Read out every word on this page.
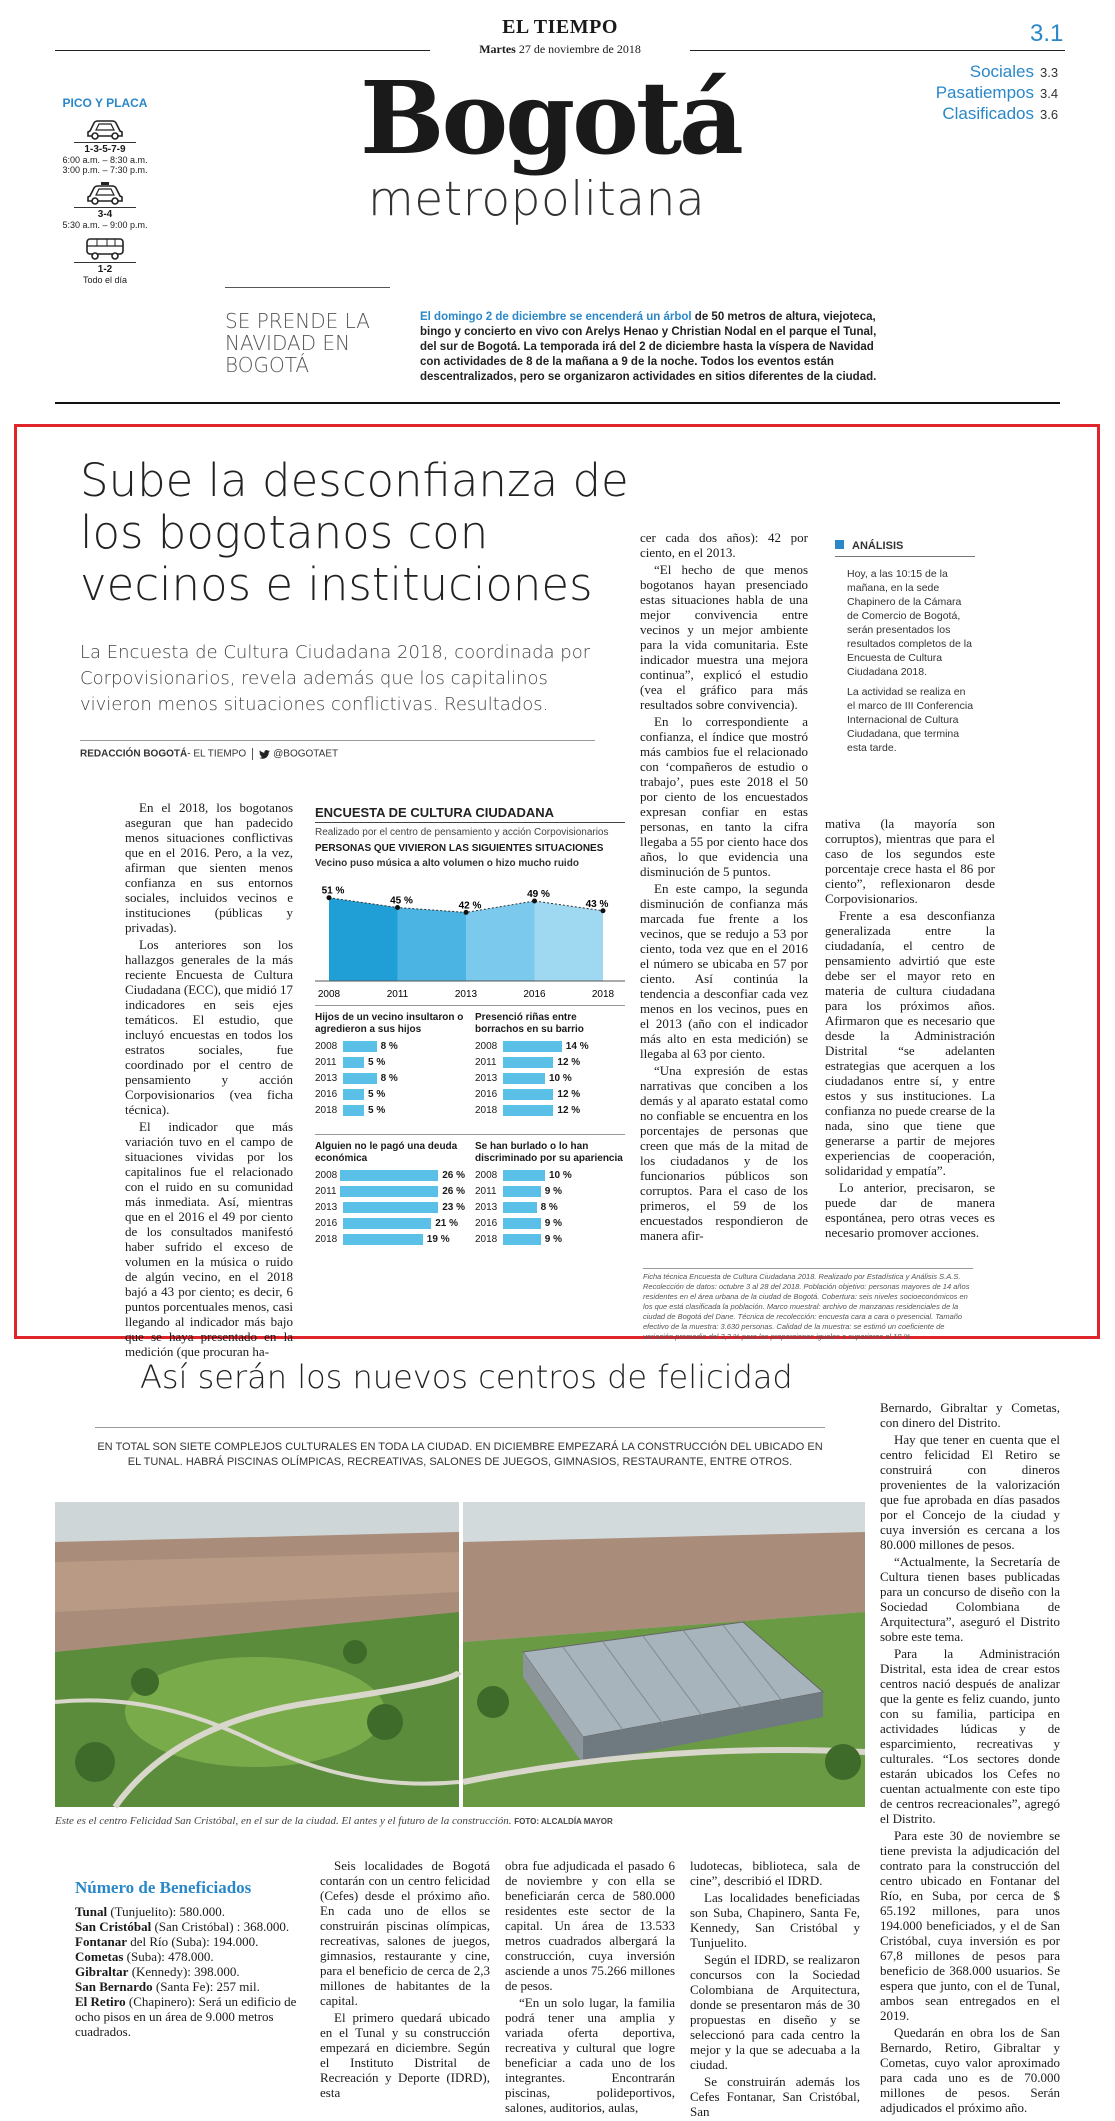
EL TIEMPO
Martes 27 de noviembre de 2018
3.1
Sociales 3.3
Pasatiempos 3.4
Clasificados 3.6
Bogotá
metropolitana
PICO Y PLACA
1-3-5-7-9
6:00 a.m. – 8:30 a.m.
3:00 p.m. – 7:30 p.m.
3-4
5:30 a.m. – 9:00 p.m.
1-2
Todo el día
SE PRENDE LA NAVIDAD EN BOGOTÁ
El domingo 2 de diciembre se encenderá un árbol de 50 metros de altura, viejoteca, bingo y concierto en vivo con Arelys Henao y Christian Nodal en el parque el Tunal, del sur de Bogotá. La temporada irá del 2 de diciembre hasta la víspera de Navidad con actividades de 8 de la mañana a 9 de la noche. Todos los eventos están descentralizados, pero se organizaron actividades en sitios diferentes de la ciudad.
Sube la desconfianza de los bogotanos con vecinos e instituciones
La Encuesta de Cultura Ciudadana 2018, coordinada por Corpovisionarios, revela además que los capitalinos vivieron menos situaciones conflictivas. Resultados.
REDACCIÓN BOGOTÁ- EL TIEMPO	@BOGOTAET

En el 2018, los bogotanos aseguran que han padecido menos situaciones conflictivas que en el 2016. Pero, a la vez, afirman que sienten menos confianza en sus entornos sociales, incluidos vecinos e instituciones (públicas y privadas).

Los anteriores son los hallazgos generales de la más reciente Encuesta de Cultura Ciudadana (ECC), que midió 17 indicadores en seis ejes temáticos. El estudio, que incluyó encuestas en todos los estratos sociales, fue coordinado por el centro de pensamiento y acción Corpovisionarios (vea ficha técnica).

El indicador que más variación tuvo en el campo de situaciones vividas por los capitalinos fue el relacionado con el ruido en su comunidad más inmediata. Así, mientras que en el 2016 el 49 por ciento de los consultados manifestó haber sufrido el exceso de volumen en la música o ruido de algún vecino, en el 2018 bajó a 43 por ciento; es decir, 6 puntos porcentuales menos, casi llegando al indicador más bajo que se haya presentado en la medición (que procuran ha-

ENCUESTA DE CULTURA CIUDADANA
Realizado por el centro de pensamiento y acción Corpovisionarios
PERSONAS QUE VIVIERON LAS SIGUIENTES SITUACIONES
Vecino puso música a alto volumen o hizo mucho ruido
51 %
2008
45 %
2011
42 %
2013
49 %
2016
43 %
2018
Hijos de un vecino insultaron o agredieron a sus hijos
2008	8 %
2011	5 %
2013	8 %
2016	5 %
2018	5 %
Presenció riñas entre borrachos en su barrio
2008	14 %
2011	12 %
2013	10 %
2016	12 %
2018	12 %
Alguien no le pagó una deuda económica
2008	26 %
2011	26 %
2013	23 %
2016	21 %
2018	19 %
Se han burlado o lo han discriminado por su apariencia
2008	10 %
2011	9 %
2013	8 %
2016	9 %
2018	9 %

cer cada dos años): 42 por ciento, en el 2013.

“El hecho de que menos bogotanos hayan presenciado estas situaciones habla de una mejor convivencia entre vecinos y un mejor ambiente para la vida comunitaria. Este indicador muestra una mejora continua”, explicó el estudio (vea el gráfico para más resultados sobre convivencia).

En lo correspondiente a confianza, el índice que mostró más cambios fue el relacionado con ‘compañeros de estudio o trabajo’, pues este 2018 el 50 por ciento de los encuestados expresan confiar en estas personas, en tanto la cifra llegaba a 55 por ciento hace dos años, lo que evidencia una disminución de 5 puntos.

En este campo, la segunda disminución de confianza más marcada fue frente a los vecinos, que se redujo a 53 por ciento, toda vez que en el 2016 el número se ubicaba en 57 por ciento. Así continúa la tendencia a desconfiar cada vez menos en los vecinos, pues en el 2013 (año con el indicador más alto en esta medición) se llegaba al 63 por ciento.

“Una expresión de estas narrativas que conciben a los demás y al aparato estatal como no confiable se encuentra en los porcentajes de personas que creen que más de la mitad de los ciudadanos y de los funcionarios públicos son corruptos. Para el caso de los primeros, el 59 de los encuestados respondieron de manera afir-

ANÁLISIS

Hoy, a las 10:15 de la mañana, en la sede Chapinero de la Cámara de Comercio de Bogotá, serán presentados los resultados completos de la Encuesta de Cultura Ciudadana 2018.

La actividad se realiza en el marco de III Conferencia Internacional de Cultura Ciudadana, que termina esta tarde.

mativa (la mayoría son corruptos), mientras que para el caso de los segundos este porcentaje crece hasta el 86 por ciento”, reflexionaron desde Corpovisionarios.

Frente a esa desconfianza generalizada entre la ciudadanía, el centro de pensamiento advirtió que este debe ser el mayor reto en materia de cultura ciudadana para los próximos años. Afirmaron que es necesario que desde la Administración Distrital “se adelanten estrategias que acerquen a los ciudadanos entre sí, y entre estos y sus instituciones. La confianza no puede crearse de la nada, sino que tiene que generarse a partir de mejores experiencias de cooperación, solidaridad y empatía”.

Lo anterior, precisaron, se puede dar de manera espontánea, pero otras veces es necesario promover acciones.

Ficha técnica Encuesta de Cultura Ciudadana 2018. Realizado por Estadística y Análisis S.A.S. Recolección de datos: octubre 3 al 28 del 2018. Población objetivo: personas mayores de 14 años residentes en el área urbana de la ciudad de Bogotá. Cobertura: seis niveles socioeconómicos en los que está clasificada la población. Marco muestral: archivo de manzanas residenciales de la ciudad de Bogotá del Dane. Técnica de recolección: encuesta cara a cara o presencial. Tamaño efectivo de la muestra: 3.630 personas. Calidad de la muestra: se estimó un coeficiente de variación promedio del 3,3 % para las proporciones iguales o superiores al 10 %.
Así serán los nuevos centros de felicidad
EN TOTAL SON SIETE COMPLEJOS CULTURALES EN TODA LA CIUDAD. EN DICIEMBRE EMPEZARÁ LA CONSTRUCCIÓN DEL UBICADO EN EL TUNAL. HABRÁ PISCINAS OLÍMPICAS, RECREATIVAS, SALONES DE JUEGOS, GIMNASIOS, RESTAURANTE, ENTRE OTROS.
Este es el centro Felicidad San Cristóbal, en el sur de la ciudad. El antes y el futuro de la construcción. FOTO: ALCALDÍA MAYOR
Número de Beneficiados
Tunal (Tunjuelito): 580.000.
San Cristóbal (San Cristóbal) : 368.000.
Fontanar del Río (Suba): 194.000.
Cometas (Suba): 478.000.
Gibraltar (Kennedy): 398.000.
San Bernardo (Santa Fe): 257 mil.
El Retiro (Chapinero): Será un edificio de ocho pisos en un área de 9.000 metros cuadrados.

Seis localidades de Bogotá contarán con un centro felicidad (Cefes) desde el próximo año. En cada uno de ellos se construirán piscinas olímpicas, recreativas, salones de juegos, gimnasios, restaurante y cine, para el beneficio de cerca de 2,3 millones de habitantes de la capital.

El primero quedará ubicado en el Tunal y su construcción empezará en diciembre. Según el Instituto Distrital de Recreación y Deporte (IDRD), esta

obra fue adjudicada el pasado 6 de noviembre y con ella se beneficiarán cerca de 580.000 residentes este sector de la capital. Un área de 13.533 metros cuadrados albergará la construcción, cuya inversión asciende a unos 75.266 millones de pesos.

“En un solo lugar, la familia podrá tener una amplia y variada oferta deportiva, recreativa y cultural que logre beneficiar a cada uno de los integrantes. Encontrarán piscinas, polideportivos, salones, auditorios, aulas,

ludotecas, biblioteca, sala de cine”, describió el IDRD.

Las localidades beneficiadas son Suba, Chapinero, Santa Fe, Kennedy, San Cristóbal y Tunjuelito.

Según el IDRD, se realizaron concursos con la Sociedad Colombiana de Arquitectura, donde se presentaron más de 30 propuestas en diseño y se seleccionó para cada centro la mejor y la que se adecuaba a la ciudad.

Se construirán además los Cefes Fontanar, San Cristóbal, San

Bernardo, Gibraltar y Cometas, con dinero del Distrito.

Hay que tener en cuenta que el centro felicidad El Retiro se construirá con dineros provenientes de la valorización que fue aprobada en días pasados por el Concejo de la ciudad y cuya inversión es cercana a los 80.000 millones de pesos.

“Actualmente, la Secretaría de Cultura tienen bases publicadas para un concurso de diseño con la Sociedad Colombiana de Arquitectura”, aseguró el Distrito sobre este tema.

Para la Administración Distrital, esta idea de crear estos centros nació después de analizar que la gente es feliz cuando, junto con su familia, participa en actividades lúdicas y de esparcimiento, recreativas y culturales. “Los sectores donde estarán ubicados los Cefes no cuentan actualmente con este tipo de centros recreacionales”, agregó el Distrito.

Para este 30 de noviembre se tiene prevista la adjudicación del contrato para la construcción del centro ubicado en Fontanar del Río, en Suba, por cerca de $ 65.192 millones, para unos 194.000 beneficiados, y el de San Cristóbal, cuya inversión es por 67,8 millones de pesos para beneficio de 368.000 usuarios. Se espera que junto, con el de Tunal, ambos sean entregados en el 2019.

Quedarán en obra los de San Bernardo, Retiro, Gibraltar y Cometas, cuyo valor aproximado para cada uno es de 70.000 millones de pesos. Serán adjudicados el próximo año.
